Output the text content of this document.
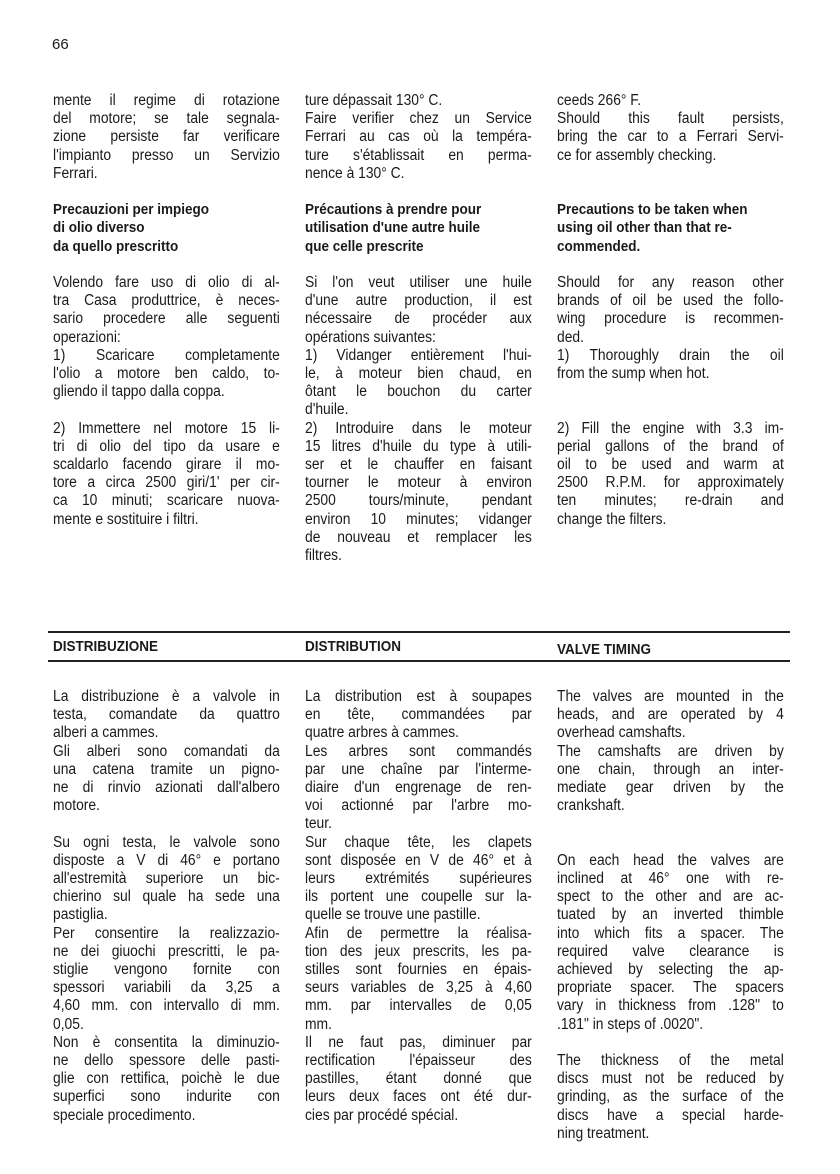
66
mente il regime di rotazione
del motore; se tale segnala-
zione persiste far verificare
l'impianto presso un Servizio
Ferrari.
Precauzioni per impiego
di olio diverso
da quello prescritto
Volendo fare uso di olio di al-
tra Casa produttrice, è neces-
sario procedere alle seguenti
operazioni:
1) Scaricare completamente
l'olio a motore ben caldo, to-
gliendo il tappo dalla coppa.
2) Immettere nel motore 15 li-
tri di olio del tipo da usare e
scaldarlo facendo girare il mo-
tore a circa 2500 giri/1' per cir-
ca 10 minuti; scaricare nuova-
mente e sostituire i filtri.
ture dépassait 130° C.
Faire verifier chez un Service
Ferrari au cas où la tempéra-
ture s'établissait en perma-
nence à 130° C.
Précautions à prendre pour
utilisation d'une autre huile
que celle prescrite
Si l'on veut utiliser une huile
d'une autre production, il est
nécessaire de procéder aux
opérations suivantes:
1) Vidanger entièrement l'hui-
le, à moteur bien chaud, en
ôtant le bouchon du carter
d'huile.
2) Introduire dans le moteur
15 litres d'huile du type à utili-
ser et le chauffer en faisant
tourner le moteur à environ
2500 tours/minute, pendant
environ 10 minutes; vidanger
de nouveau et remplacer les
filtres.
ceeds 266° F.
Should this fault persists,
bring the car to a Ferrari Servi-
ce for assembly checking.
Precautions to be taken when
using oil other than that re-
commended.
Should for any reason other
brands of oil be used the follo-
wing procedure is recommen-
ded.
1) Thoroughly drain the oil
from the sump when hot.
2) Fill the engine with 3.3 im-
perial gallons of the brand of
oil to be used and warm at
2500 R.P.M. for approximately
ten minutes; re-drain and
change the filters.
DISTRIBUZIONE	DISTRIBUTION	VALVE TIMING
La distribuzione è a valvole in
testa, comandate da quattro
alberi a cammes.
Gli alberi sono comandati da
una catena tramite un pigno-
ne di rinvio azionati dall'albero
motore.
Su ogni testa, le valvole sono
disposte a V di 46° e portano
all'estremità superiore un bic-
chierino sul quale ha sede una
pastiglia.
Per consentire la realizzazio-
ne dei giuochi prescritti, le pa-
stiglie vengono fornite con
spessori variabili da 3,25 a
4,60 mm. con intervallo di mm.
0,05.
Non è consentita la diminuzio-
ne dello spessore delle pasti-
glie con rettifica, poichè le due
superfici sono indurite con
speciale procedimento.
La distribution est à soupapes
en tête, commandées par
quatre arbres à cammes.
Les arbres sont commandés
par une chaîne par l'interme-
diaire d'un engrenage de ren-
voi actionné par l'arbre mo-
teur.
Sur chaque tête, les clapets
sont disposée en V de 46° et à
leurs extrémités supérieures
ils portent une coupelle sur la-
quelle se trouve une pastille.
Afin de permettre la réalisa-
tion des jeux prescrits, les pa-
stilles sont fournies en épais-
seurs variables de 3,25 à 4,60
mm. par intervalles de 0,05
mm.
Il ne faut pas, diminuer par
rectification l'épaisseur des
pastilles, étant donné que
leurs deux faces ont été dur-
cies par procédé spécial.
The valves are mounted in the
heads, and are operated by 4
overhead camshafts.
The camshafts are driven by
one chain, through an inter-
mediate gear driven by the
crankshaft.
On each head the valves are
inclined at 46° one with re-
spect to the other and are ac-
tuated by an inverted thimble
into which fits a spacer. The
required valve clearance is
achieved by selecting the ap-
propriate spacer. The spacers
vary in thickness from .128" to
.181" in steps of .0020".
The thickness of the metal
discs must not be reduced by
grinding, as the surface of the
discs have a special harde-
ning treatment.
